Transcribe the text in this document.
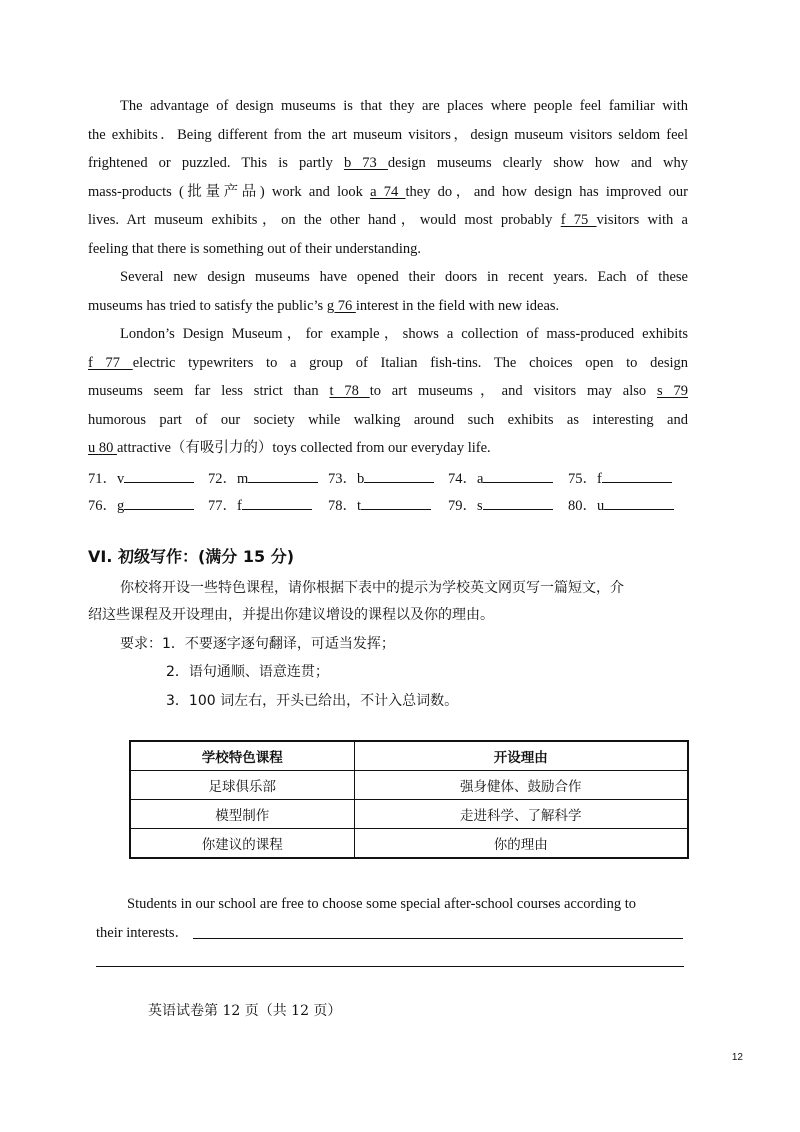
The advantage of design museums is that they are places where people feel familiar with
the exhibits．Being different from the art museum visitors，design museum visitors seldom feel
frightened or puzzled. This is partly b 73 design museums clearly show how and why
mass-products (批量产品) work and look a 74 they do，and how design has improved our
lives. Art museum exhibits，on the other hand，would most probably f 75 visitors with a
feeling that there is something out of their understanding.
Several new design museums have opened their doors in recent years. Each of these
museums has tried to satisfy the public’s g 76 interest in the field with new ideas.
London’s Design Museum，for example，shows a collection of mass-produced exhibits
f 77 electric typewriters to a group of Italian fish-tins. The choices open to design
museums seem far less strict than t 78 to art museums，and visitors may also s 79
humorous part of our society while walking around such exhibits as interesting and
u 80 attractive（有吸引力的）toys collected from our everyday life.
71．v	72．m	73．b	74．a	75．f
76．g	77．f	78．t	79．s	80．u
VI. 初级写作：(满分 15 分)
你校将开设一些特色课程，请你根据下表中的提示为学校英文网页写一篇短文，介
绍这些课程及开设理由，并提出你建议增设的课程以及你的理由。
要求：1．不要逐字逐句翻译，可适当发挥；
2．语句通顺、语意连贯；
3．100 词左右，开头已给出，不计入总词数。
学校特色课程	开设理由
足球俱乐部	强身健体、鼓励合作
模型制作	走进科学、了解科学
你建议的课程	你的理由
Students in our school are free to choose some special after-school courses according to
their interests．
英语试卷第 12 页（共 12 页）
12
